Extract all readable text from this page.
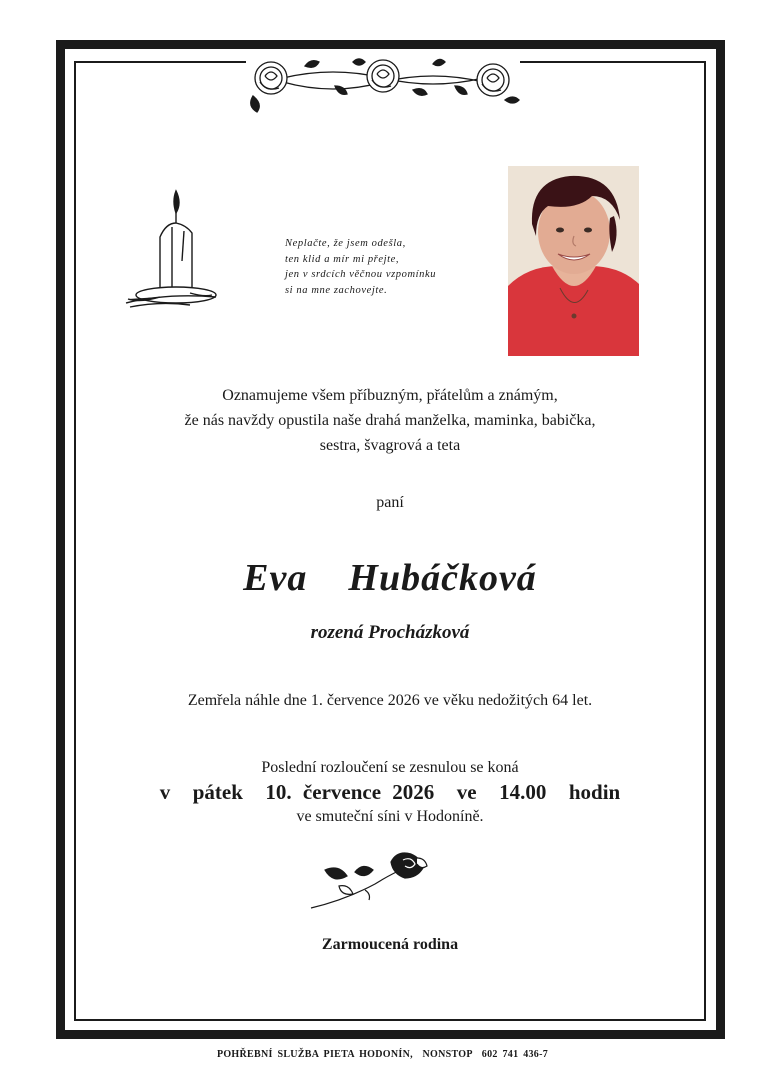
Neplačte, že jsem odešla,
ten klid a mír mi přejte,
jen v srdcích věčnou vzpomínku
si na mne zachovejte.
Oznamujeme všem příbuzným, přátelům a známým,
že nás navždy opustila naše drahá manželka, maminka, babička,
sestra, švagrová a teta
paní
Eva  Hubáčková
rozená Procházková
Zemřela náhle dne 1. července 2026 ve věku nedožitých 64 let.
Poslední rozloučení se zesnulou se koná
v  pátek  10. července 2026  ve  14.00  hodin
ve smuteční síni v Hodoníně.
Zarmoucená rodina
POHŘEBNÍ SLUŽBA PIETA HODONÍN,  NONSTOP  602 741 436-7
